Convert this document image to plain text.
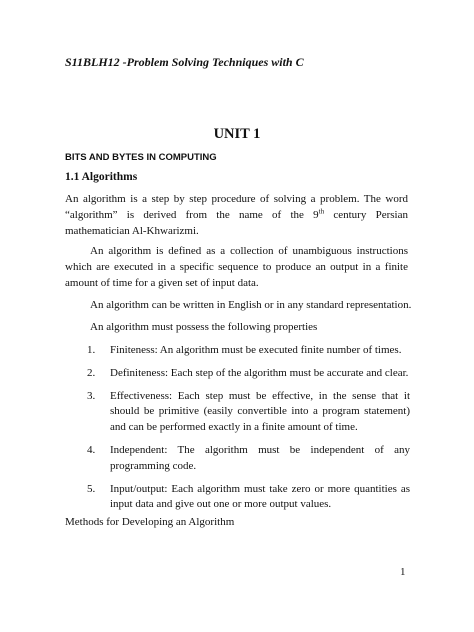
S11BLH12 -Problem Solving Techniques with C
UNIT 1
BITS AND BYTES IN COMPUTING
1.1 Algorithms

An algorithm is a step by step procedure of solving a problem. The word “algorithm” is derived from the name of the 9th century Persian mathematician Al-Khwarizmi.

An algorithm is defined as a collection of unambiguous instructions which are executed in a specific sequence to produce an output in a finite amount of time for a given set of input data.

An algorithm can be written in English or in any standard representation.

An algorithm must possess the following properties

1. Finiteness: An algorithm must be executed finite number of times.
2. Definiteness: Each step of the algorithm must be accurate and clear.
3. Effectiveness: Each step must be effective, in the sense that it should be primitive (easily convertible into a program statement) and can be performed exactly in a finite amount of time.
4. Independent: The algorithm must be independent of any programming code.
5. Input/output: Each algorithm must take zero or more quantities as input data and give out one or more output values.
Methods for Developing an Algorithm
1
